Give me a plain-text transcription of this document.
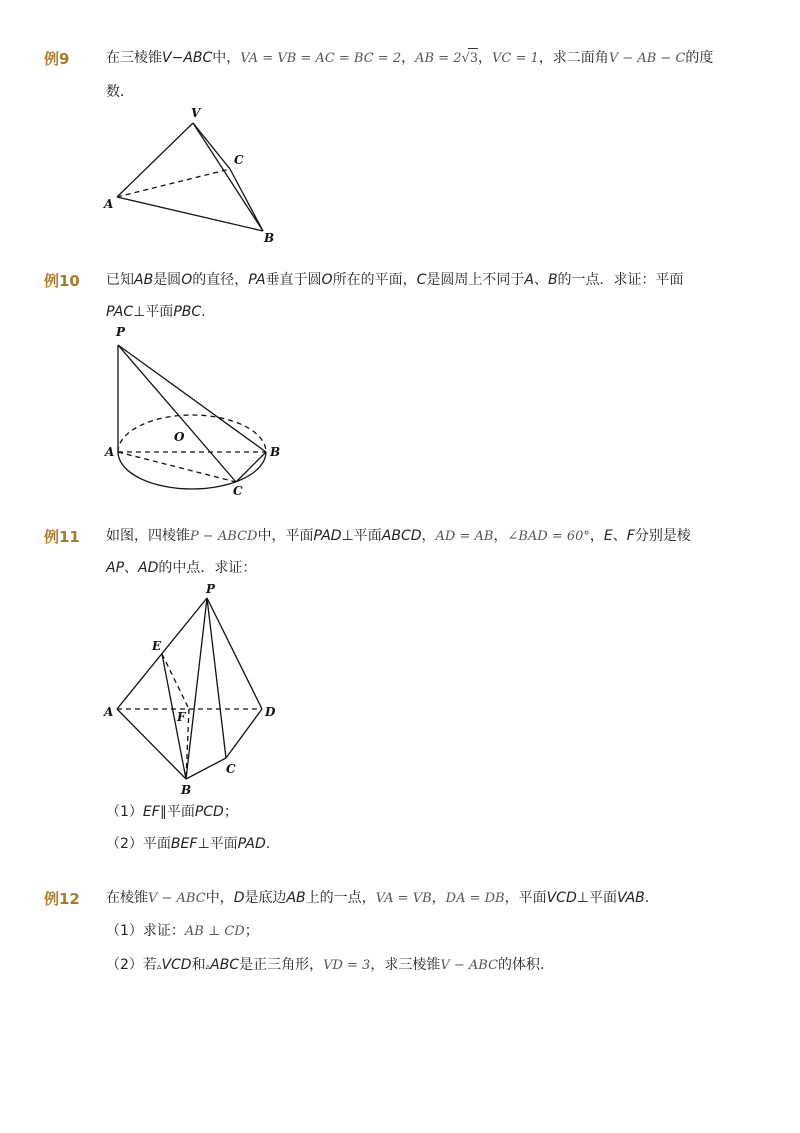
例9	在三棱锥V−ABC中，VA = VB = AC = BC = 2，AB = 2√3，VC = 1，求二面角V − AB − C的度
数．
V
C
A
B
例10 已知AB是圆O的直径，PA垂直于圆O所在的平面，C是圆周上不同于A、B的一点．求证：平面
PAC⊥平面PBC.
P
O
A	B
C
例11 如图，四棱锥P − ABCD中，平面PAD⊥平面ABCD，AD = AB，∠BAD = 60°，E、F分别是棱
AP、AD的中点．求证：
P
E
A	F	D
B
C
（1）EF∥平面PCD；
（2）平面BEF⊥平面PAD.
例12 在棱锥V − ABC中，D是底边AB上的一点，VA = VB，DA = DB，平面VCD⊥平面VAB.
（1）求证：AB ⊥ CD；
（2）若▵VCD和▵ABC是正三角形，VD = 3，求三棱锥V − ABC的体积．
